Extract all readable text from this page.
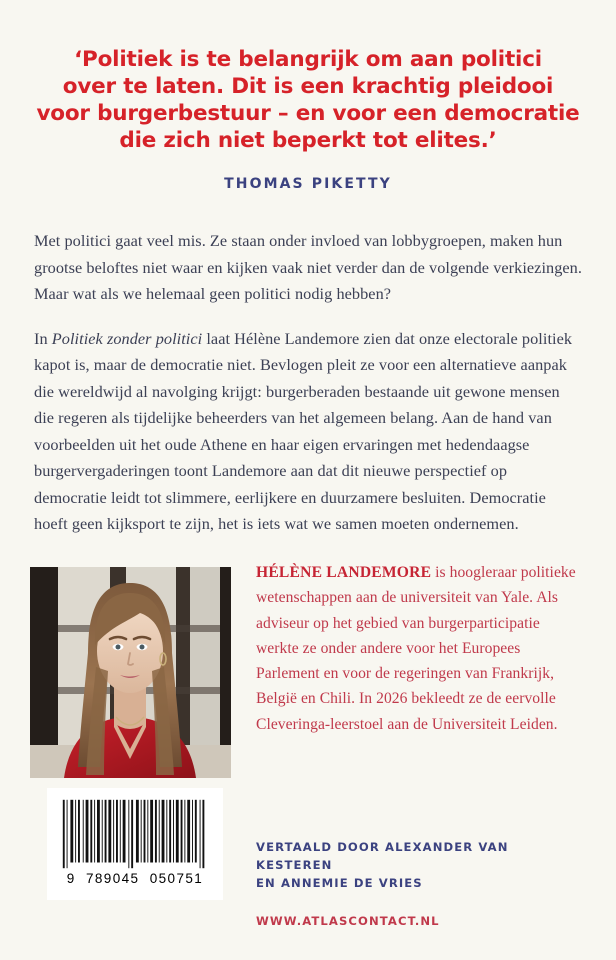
‘Politiek is te belangrijk om aan politici
over te laten. Dit is een krachtig pleidooi
voor burgerbestuur – en voor een democratie
die zich niet beperkt tot elites.’
THOMAS PIKETTY

Met politici gaat veel mis. Ze staan onder invloed van lobbygroepen, maken hun grootse beloftes niet waar en kijken vaak niet verder dan de volgende verkiezingen. Maar wat als we helemaal geen politici nodig hebben?

In Politiek zonder politici laat Hélène Landemore zien dat onze electorale politiek kapot is, maar de democratie niet. Bevlogen pleit ze voor een alternatieve aanpak die wereldwijd al navolging krijgt: burgerberaden bestaande uit gewone mensen die regeren als tijdelijke beheerders van het algemeen belang. Aan de hand van voorbeelden uit het oude Athene en haar eigen ervaringen met hedendaagse burgervergaderingen toont Landemore aan dat dit nieuwe perspectief op democratie leidt tot slimmere, eerlijkere en duurzamere besluiten. Democratie hoeft geen kijksport te zijn, het is iets wat we samen moeten ondernemen.

HÉLÈNE LANDEMORE is hoogleraar politieke wetenschappen aan de universiteit van Yale. Als adviseur op het gebied van burgerparticipatie werkte ze onder andere voor het Europees Parlement en voor de regeringen van Frankrijk, België en Chili. In 2026 bekleedt ze de eervolle Cleveringa-leerstoel aan de Universiteit Leiden.

9  789045  050751
VERTAALD DOOR ALEXANDER VAN KESTEREN
EN ANNEMIE DE VRIES
WWW.ATLASCONTACT.NL
